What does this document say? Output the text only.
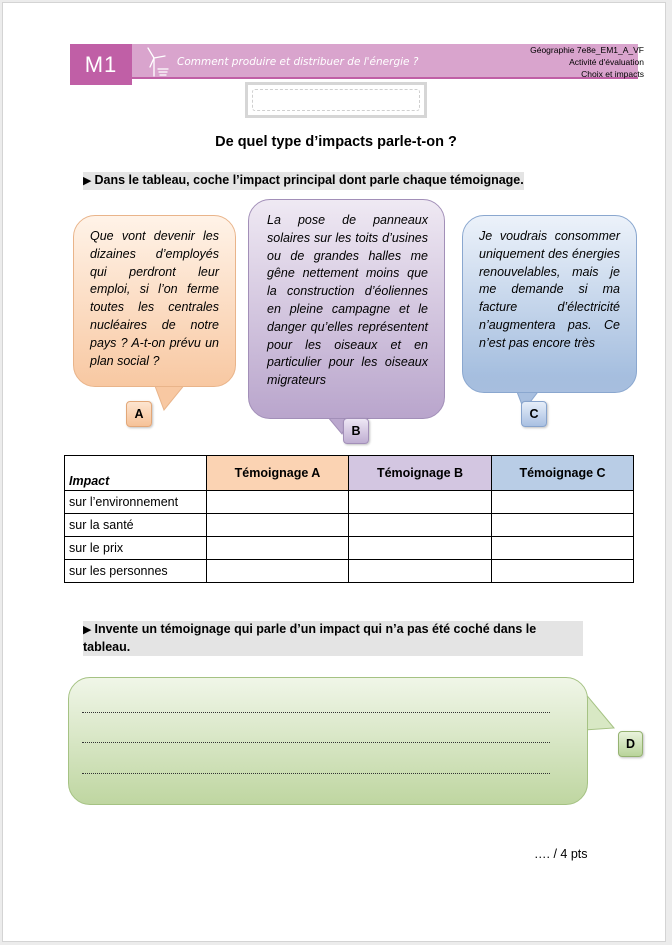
M1	Comment produire et distribuer de l'énergie ?
Géographie 7e8e_EM1_A_VF
Activité d'évaluation
Choix et impacts
De quel type d’impacts parle-t-on ?
▶ Dans le tableau, coche l’impact principal dont parle chaque témoignage.
Que vont devenir les dizaines d’employés qui perdront leur emploi, si l’on ferme toutes les centrales nucléaires de notre pays ? A-t-on prévu un plan social ?
La pose de panneaux solaires sur les toits d’usines ou de grandes halles me gêne nettement moins que la construction d’éoliennes en pleine campagne et le danger qu’elles représentent pour les oiseaux et en particulier pour les oiseaux migrateurs
Je voudrais consommer uniquement des énergies renouvelables, mais je me demande si ma facture d’électricité n’augmentera pas. Ce n’est pas encore très
A
B
C
Impact	Témoignage A	Témoignage B	Témoignage C
sur l’environnement			
sur la santé			
sur le prix			
sur les personnes			
▶ Invente un témoignage qui parle d’un impact qui n’a pas été coché dans le tableau.
D
…. / 4 pts
